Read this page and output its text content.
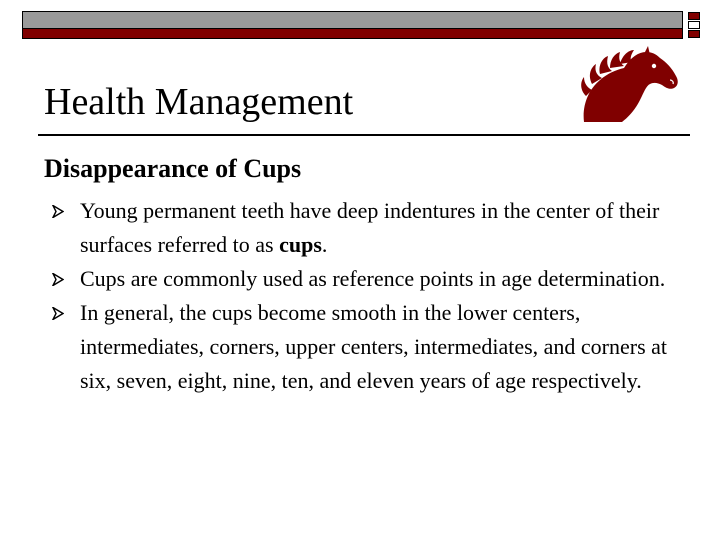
Health Management
Disappearance of Cups
Young permanent teeth have deep indentures in the center of their surfaces referred to as cups.
Cups are commonly used as reference points in age determination.
In general, the cups become smooth in the lower centers, intermediates, corners, upper centers, intermediates, and corners at six, seven, eight, nine, ten, and eleven years of age respectively.
